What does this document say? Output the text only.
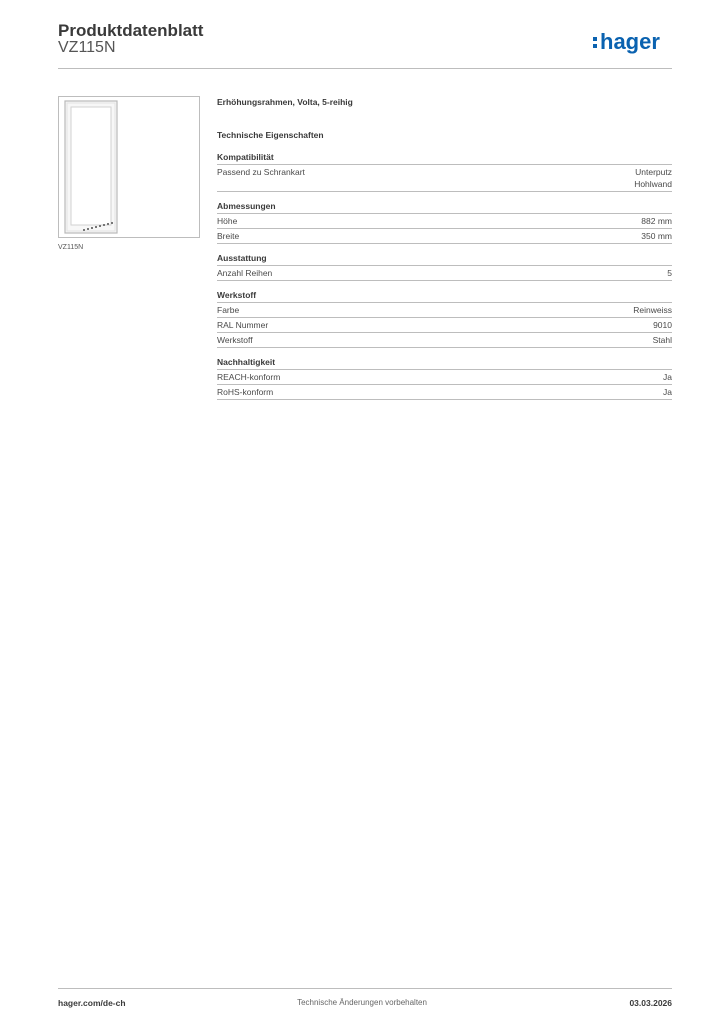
Produktdatenblatt
VZ115N	hager
VZ115N
Erhöhungsrahmen, Volta, 5-reihig
Technische Eigenschaften
Kompatibilität
Passend zu Schrankart	Unterputz
Hohlwand
Abmessungen
Höhe	882 mm
Breite	350 mm
Ausstattung
Anzahl Reihen	5
Werkstoff
Farbe	Reinweiss
RAL Nummer	9010
Werkstoff	Stahl
Nachhaltigkeit
REACH-konform	Ja
RoHS-konform	Ja
Technische Änderungen vorbehalten
hager.com/de-ch	03.03.2026
